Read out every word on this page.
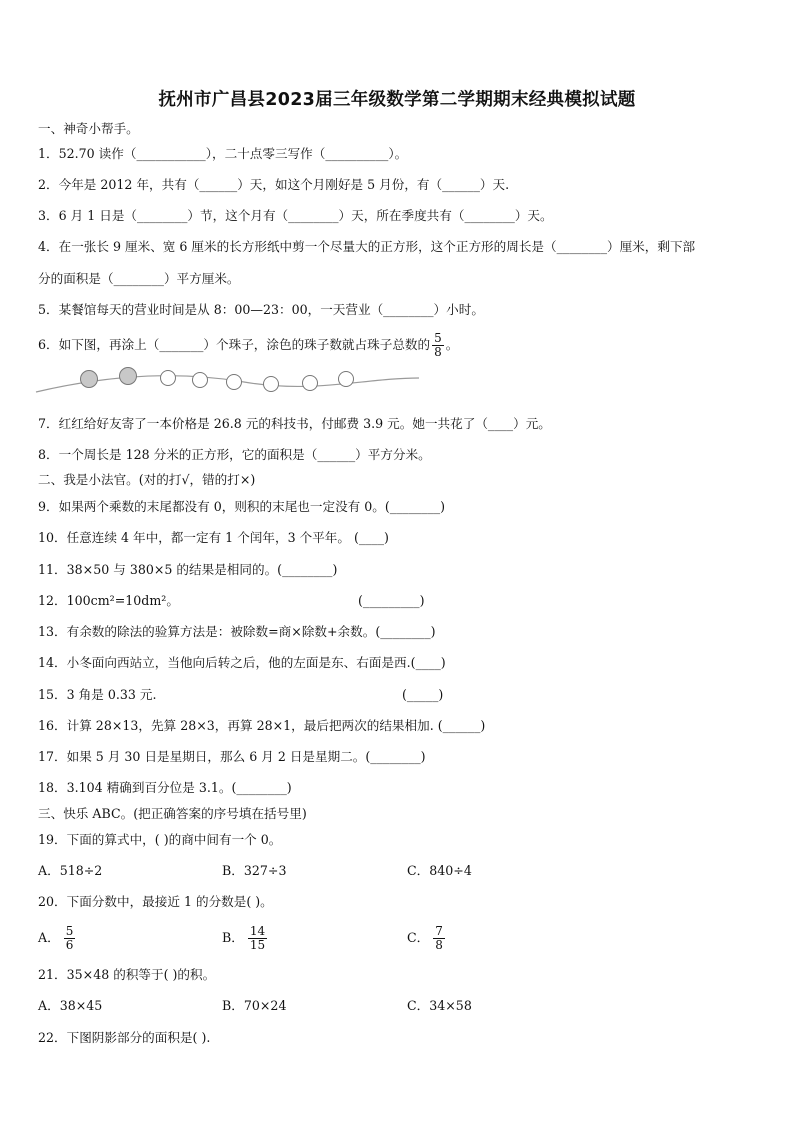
抚州市广昌县2023届三年级数学第二学期期末经典模拟试题
一、神奇小帮手。
1．52.70 读作（___________），二十点零三写作（__________）。
2．今年是 2012 年，共有（______）天，如这个月刚好是 5 月份，有（______）天.
3．6 月 1 日是（________）节，这个月有（________）天，所在季度共有（________）天。
4．在一张长 9 厘米、宽 6 厘米的长方形纸中剪一个尽量大的正方形，这个正方形的周长是（________）厘米，剩下部
分的面积是（________）平方厘米。
5．某餐馆每天的营业时间是从 8：00—23：00，一天营业（________）小时。
6．如下图，再涂上（_______）个珠子，涂色的珠子数就占珠子总数的 $\frac{5}{8}$ 。
7．红红给好友寄了一本价格是 26.8 元的科技书，付邮费 3.9 元。她一共花了（____）元。
8．一个周长是 128 分米的正方形，它的面积是（______）平方分米。
二、我是小法官。(对的打√，错的打×)
9．如果两个乘数的末尾都没有 0，则积的末尾也一定没有 0。(________)
10．任意连续 4 年中，都一定有 1 个闰年，3 个平年。 (____)
11．38×50 与 380×5 的结果是相同的。(________)
12．100cm²=10dm²。	(_________)
13．有余数的除法的验算方法是：被除数=商×除数+余数。(________)
14．小冬面向西站立，当他向后转之后，他的左面是东、右面是西.(____)
15．3 角是 0.33 元.	(_____)
16．计算 28×13，先算 28×3，再算 28×1，最后把两次的结果相加. (______)
17．如果 5 月 30 日是星期日，那么 6 月 2 日是星期二。(________)
18．3.104 精确到百分位是 3.1。(________)
三、快乐 ABC。(把正确答案的序号填在括号里)
19．下面的算式中，( )的商中间有一个 0。
A．518÷2	B．327÷3	C．840÷4
20．下面分数中，最接近 1 的分数是( )。
A． $\frac{5}{6}$	B． $\frac{14}{15}$	C． $\frac{7}{8}$
21．35×48 的积等于( )的积。
A．38×45	B．70×24	C．34×58
22．下图阴影部分的面积是( ).
